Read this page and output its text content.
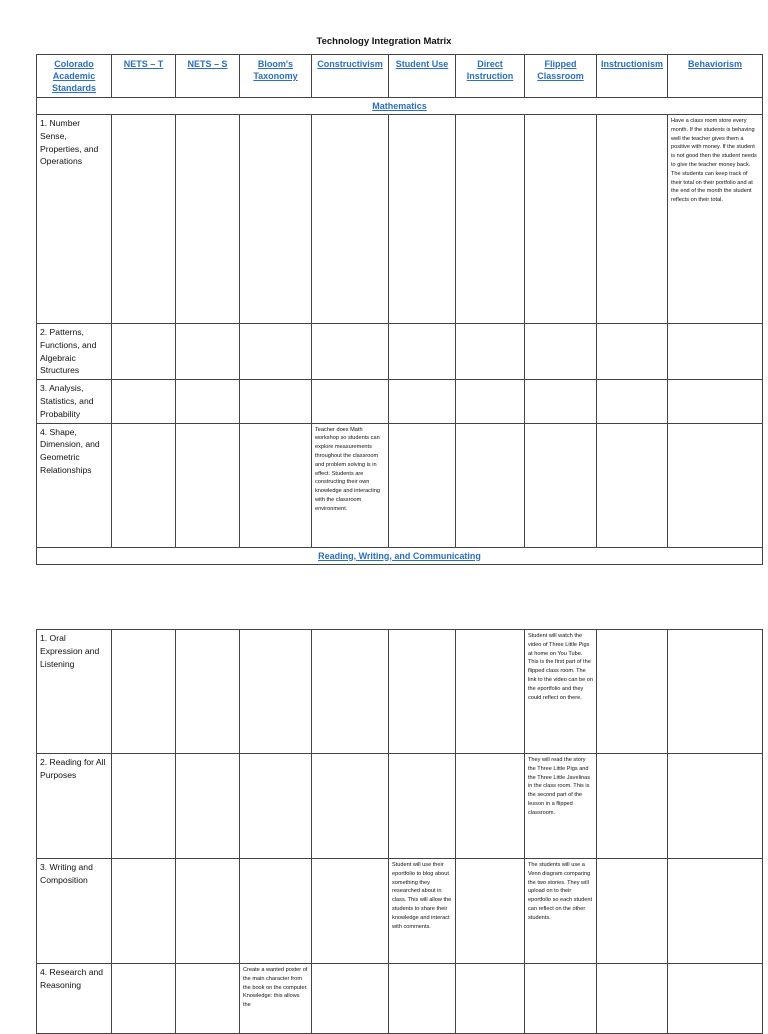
Technology Integration Matrix
Colorado Academic Standards	NETS – T	NETS – S	Bloom's Taxonomy	Constructivism	Student Use	Direct Instruction	Flipped Classroom	Instructionism	Behaviorism
Mathematics									
1. Number Sense, Properties, and Operations									Have a class room store every month. If the students is behaving well the teacher gives them a positive with money. If the student is not good then the student needs to give the teacher money back. The students can keep track of their total on their portfolio and at the end of the month the student reflects on their total.

2. Patterns, Functions, and Algebraic Structures									
3. Analysis, Statistics, and Probability									
4. Shape, Dimension, and Geometric Relationships				Teacher does Math workshop so students can explore measurements throughout the classroom and problem solving is in effect. Students are constructing their own knowledge and interacting with the classroom environment.					

Reading, Writing, and Communicating									
1. Oral Expression and Listening							Student will watch the video of Three Little Pigs at home on You Tube. This is the first part of the flipped class room. The link to the video can be on the eportfolio and they could reflect on there.		

2. Reading for All Purposes							They will read the story the Three Little Pigs and the Three Little Javelinas in the class room. This is the second part of the lesson in a flipped classroom.		

3. Writing and Composition					Student will use their eportfolio to blog about something they researched about in class. This will allow the students to share their knowledge and interact with comments.		The students will use a Venn diagram comparing the two stories. They will upload on to their eportfolio so each student can reflect on the other students.		

4. Research and Reasoning			Create a wanted poster of the main character from the book on the computer. Knowledge: this allows the						
